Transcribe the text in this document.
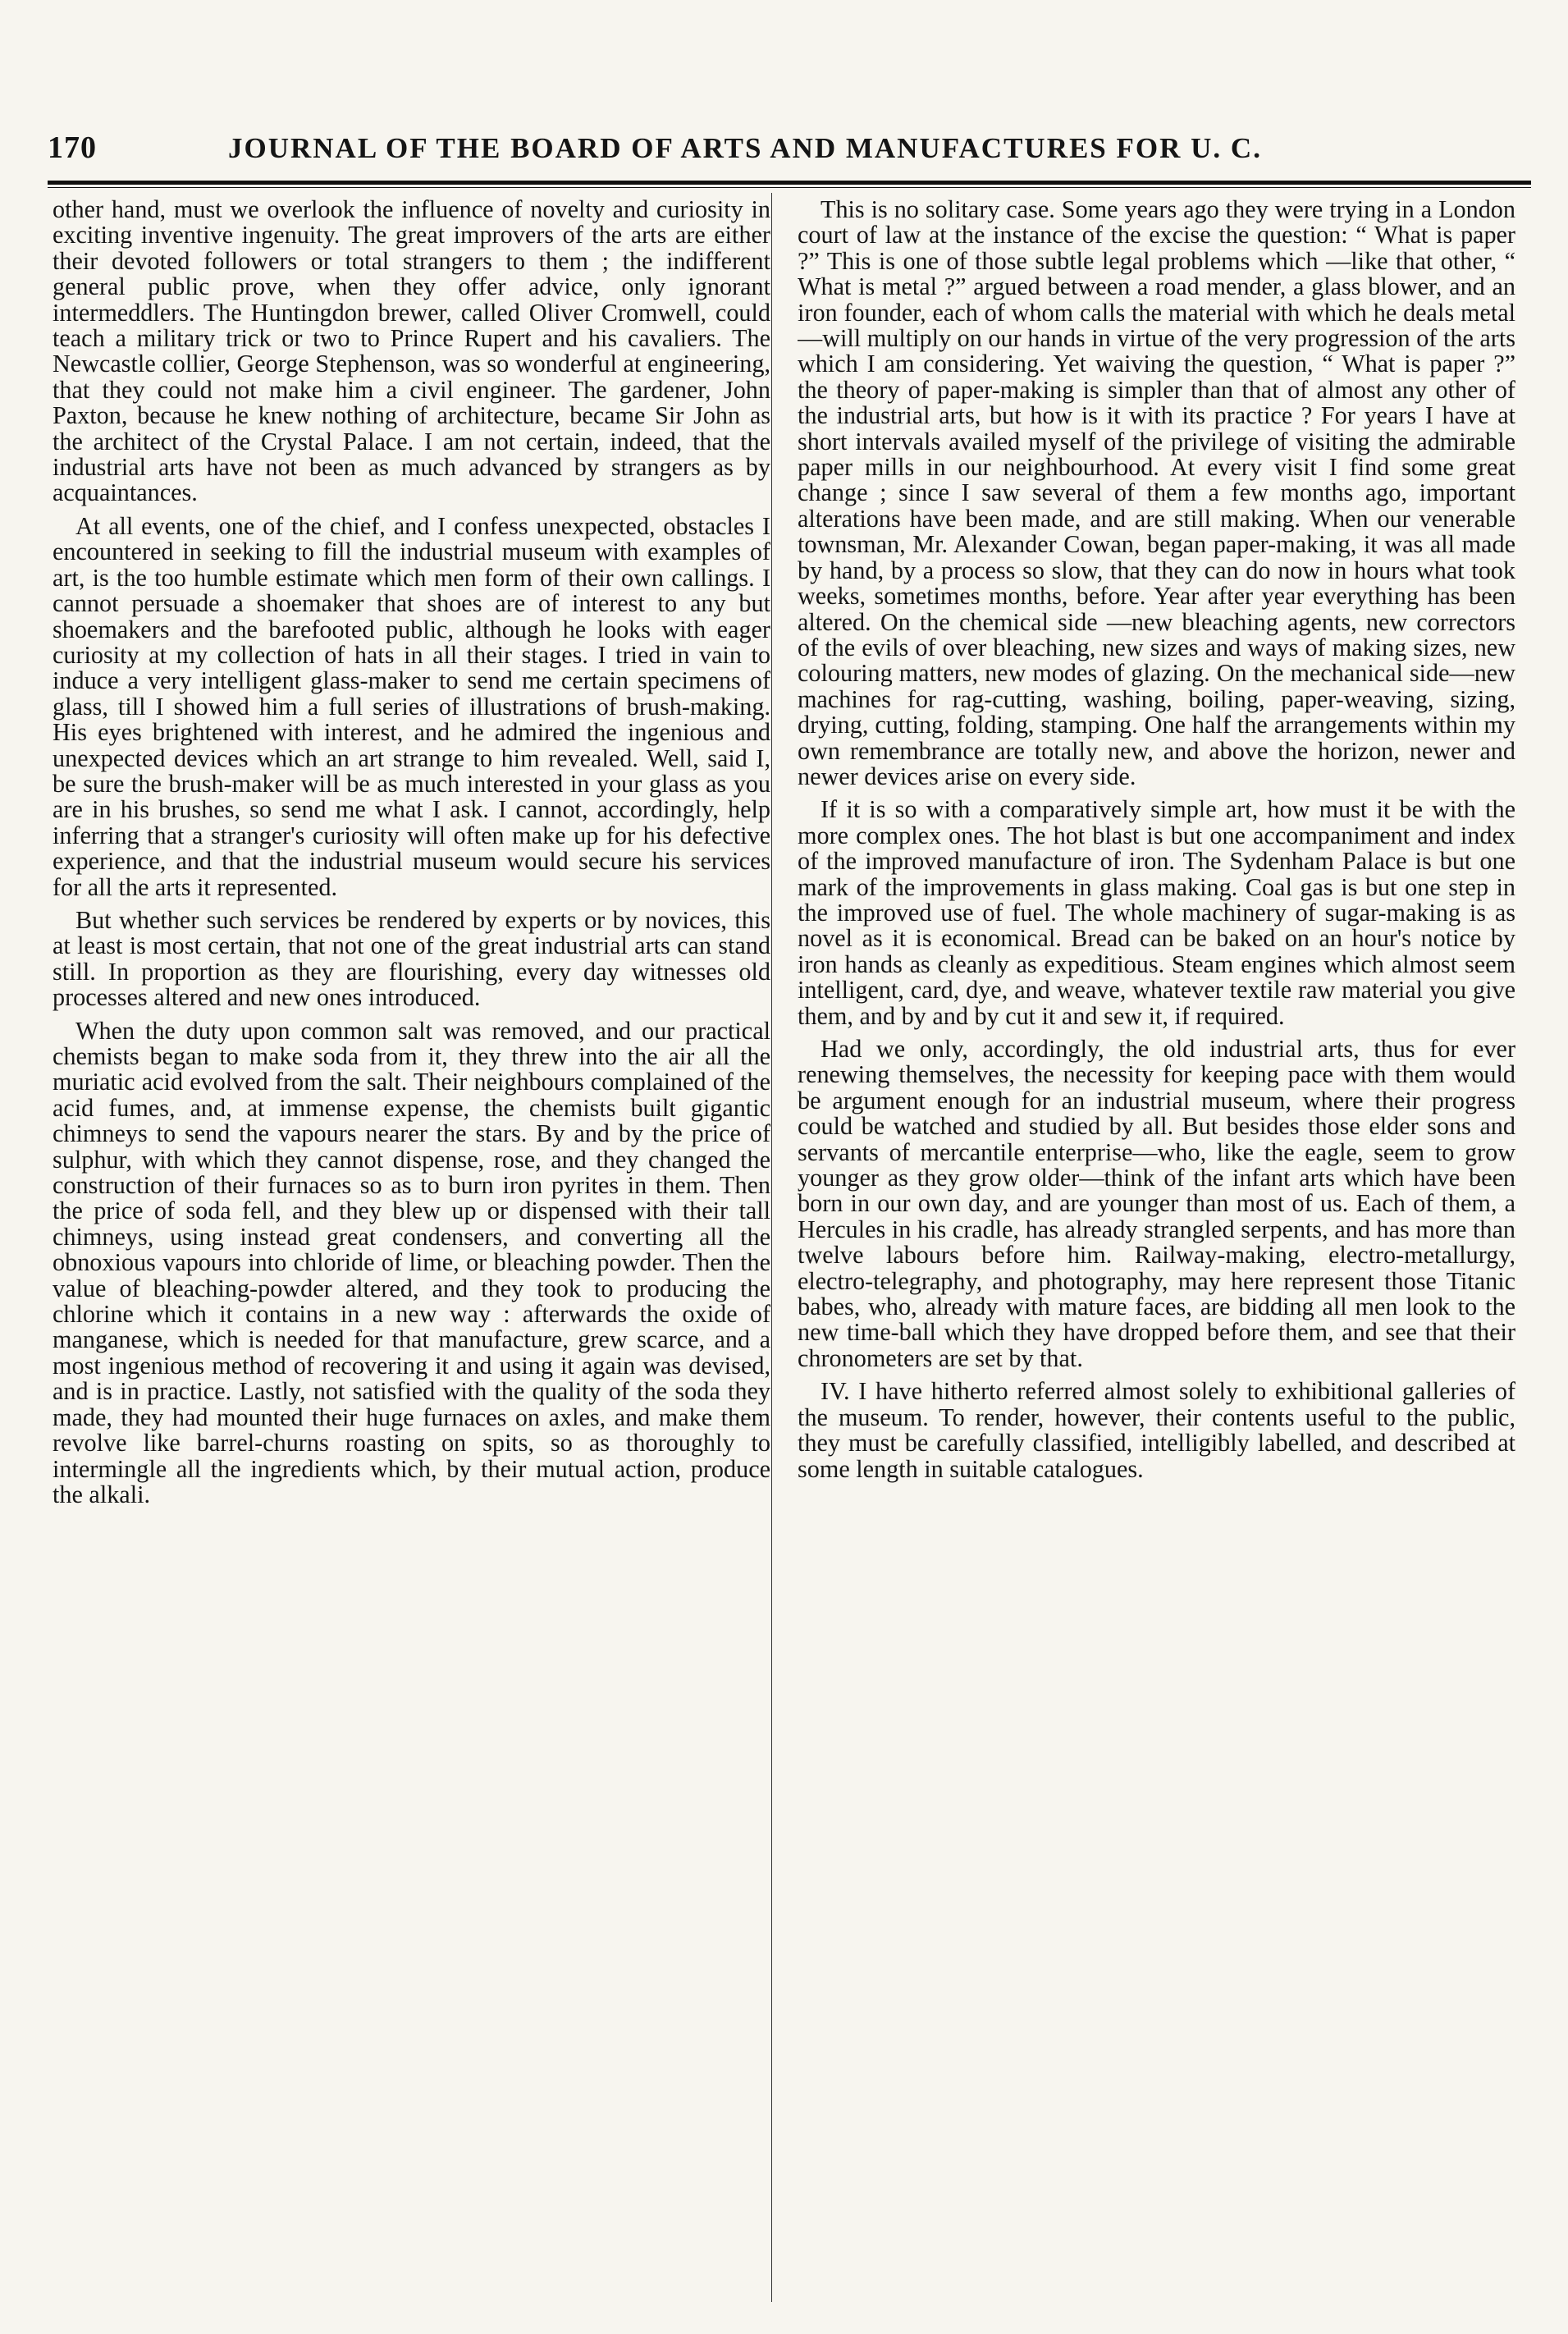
170	JOURNAL OF THE BOARD OF ARTS AND MANUFACTURES FOR U. C.

other hand, must we overlook the influence of novelty and curiosity in exciting inventive ingenuity. The great improvers of the arts are either their devoted followers or total strangers to them ; the indifferent general public prove, when they offer advice, only ignorant intermeddlers. The Huntingdon brewer, called Oliver Cromwell, could teach a military trick or two to Prince Rupert and his cavaliers. The Newcastle collier, George Stephenson, was so wonderful at engineering, that they could not make him a civil engineer. The gardener, John Paxton, because he knew nothing of architecture, became Sir John as the architect of the Crystal Palace. I am not certain, indeed, that the industrial arts have not been as much advanced by strangers as by acquaintances.

At all events, one of the chief, and I confess unexpected, obstacles I encountered in seeking to fill the industrial museum with examples of art, is the too humble estimate which men form of their own callings. I cannot persuade a shoemaker that shoes are of interest to any but shoemakers and the barefooted public, although he looks with eager curiosity at my collection of hats in all their stages. I tried in vain to induce a very intelligent glass-maker to send me certain specimens of glass, till I showed him a full series of illustrations of brush-making. His eyes brightened with interest, and he admired the ingenious and unexpected devices which an art strange to him revealed. Well, said I, be sure the brush-maker will be as much interested in your glass as you are in his brushes, so send me what I ask. I cannot, accordingly, help inferring that a stranger's curiosity will often make up for his defective experience, and that the industrial museum would secure his services for all the arts it represented.

But whether such services be rendered by experts or by novices, this at least is most certain, that not one of the great industrial arts can stand still. In proportion as they are flourishing, every day witnesses old processes altered and new ones introduced.

When the duty upon common salt was removed, and our practical chemists began to make soda from it, they threw into the air all the muriatic acid evolved from the salt. Their neighbours complained of the acid fumes, and, at immense expense, the chemists built gigantic chimneys to send the vapours nearer the stars. By and by the price of sulphur, with which they cannot dispense, rose, and they changed the construction of their furnaces so as to burn iron pyrites in them. Then the price of soda fell, and they blew up or dispensed with their tall chimneys, using instead great condensers, and converting all the obnoxious vapours into chloride of lime, or bleaching powder. Then the value of bleaching-powder altered, and they took to producing the chlorine which it contains in a new way : afterwards the oxide of manganese, which is needed for that manufacture, grew scarce, and a most ingenious method of recovering it and using it again was devised, and is in practice. Lastly, not satisfied with the quality of the soda they made, they had mounted their huge furnaces on axles, and make them revolve like barrel-churns roasting on spits, so as thoroughly to intermingle all the ingredients which, by their mutual action, produce the alkali.

This is no solitary case. Some years ago they were trying in a London court of law at the instance of the excise the question: “ What is paper ?” This is one of those subtle legal problems which —like that other, “ What is metal ?” argued between a road mender, a glass blower, and an iron founder, each of whom calls the material with which he deals metal—will multiply on our hands in virtue of the very progression of the arts which I am considering. Yet waiving the question, “ What is paper ?” the theory of paper-making is simpler than that of almost any other of the industrial arts, but how is it with its practice ? For years I have at short intervals availed myself of the privilege of visiting the admirable paper mills in our neighbourhood. At every visit I find some great change ; since I saw several of them a few months ago, important alterations have been made, and are still making. When our venerable townsman, Mr. Alexander Cowan, began paper-making, it was all made by hand, by a process so slow, that they can do now in hours what took weeks, sometimes months, before. Year after year everything has been altered. On the chemical side —new bleaching agents, new correctors of the evils of over bleaching, new sizes and ways of making sizes, new colouring matters, new modes of glazing. On the mechanical side—new machines for rag-cutting, washing, boiling, paper-weaving, sizing, drying, cutting, folding, stamping. One half the arrangements within my own remembrance are totally new, and above the horizon, newer and newer devices arise on every side.

If it is so with a comparatively simple art, how must it be with the more complex ones. The hot blast is but one accompaniment and index of the improved manufacture of iron. The Sydenham Palace is but one mark of the improvements in glass making. Coal gas is but one step in the improved use of fuel. The whole machinery of sugar-making is as novel as it is economical. Bread can be baked on an hour's notice by iron hands as cleanly as expeditious. Steam engines which almost seem intelligent, card, dye, and weave, whatever textile raw material you give them, and by and by cut it and sew it, if required.

Had we only, accordingly, the old industrial arts, thus for ever renewing themselves, the necessity for keeping pace with them would be argument enough for an industrial museum, where their progress could be watched and studied by all. But besides those elder sons and servants of mercantile enterprise—who, like the eagle, seem to grow younger as they grow older—think of the infant arts which have been born in our own day, and are younger than most of us. Each of them, a Hercules in his cradle, has already strangled serpents, and has more than twelve labours before him. Railway-making, electro-metallurgy, electro-telegraphy, and photography, may here represent those Titanic babes, who, already with mature faces, are bidding all men look to the new time-ball which they have dropped before them, and see that their chronometers are set by that.

IV. I have hitherto referred almost solely to exhibitional galleries of the museum. To render, however, their contents useful to the public, they must be carefully classified, intelligibly labelled, and described at some length in suitable catalogues.
